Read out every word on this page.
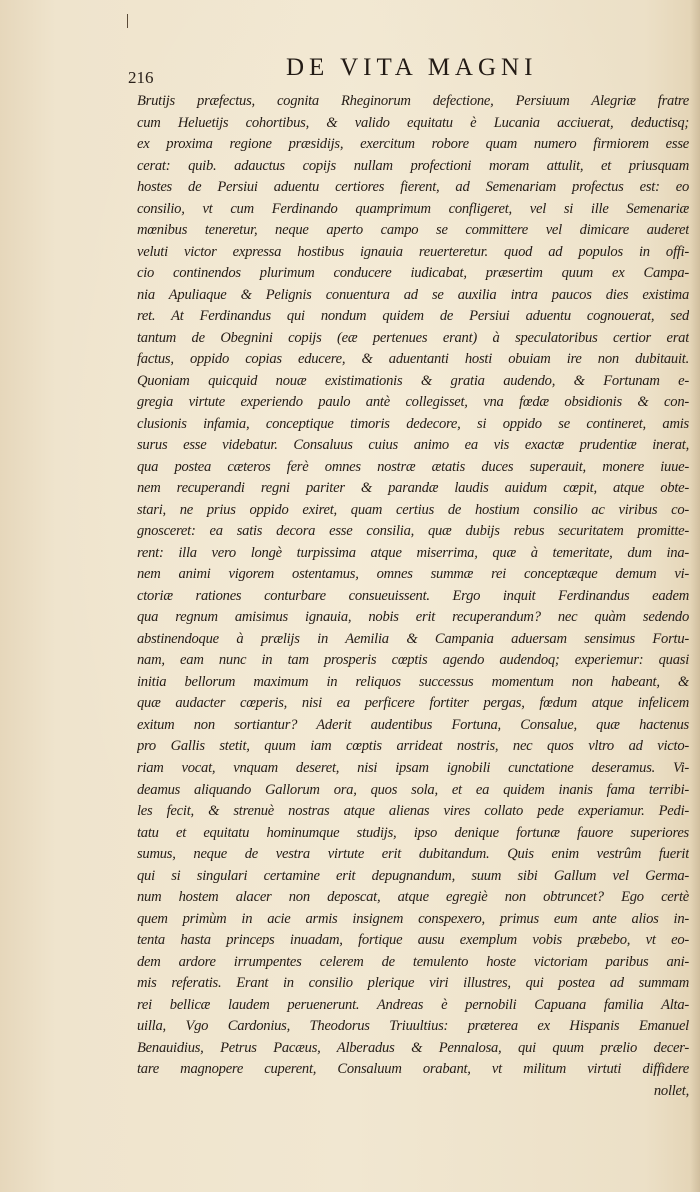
216	DE VITA MAGNI
Brutijs præfectus, cognita Rheginorum defectione, Persiuum Alegriæ fratre
cum Heluetijs cohortibus, & valido equitatu è Lucania acciuerat, deductisq;
ex proxima regione præsidijs, exercitum robore quam numero firmiorem esse
cerat: quib. adauctus copijs nullam profectioni moram attulit, et priusquam
hostes de Persiui aduentu certiores fierent, ad Semenariam profectus est: eo
consilio, vt cum Ferdinando quamprimum confligeret, vel si ille Semenariæ
mœnibus teneretur, neque aperto campo se committere vel dimicare auderet
veluti victor expressa hostibus ignauia reuerteretur. quod ad populos in offi-
cio continendos plurimum conducere iudicabat, præsertim quum ex Campa-
nia Apuliaque & Pelignis conuentura ad se auxilia intra paucos dies existima
ret. At Ferdinandus qui nondum quidem de Persiui aduentu cognouerat, sed
tantum de Obegnini copijs (eæ pertenues erant) à speculatoribus certior erat
factus, oppido copias educere, & aduentanti hosti obuiam ire non dubitauit.
Quoniam quicquid nouæ existimationis & gratia audendo, & Fortunam e-
gregia virtute experiendo paulo antè collegisset, vna fœdæ obsidionis & con-
clusionis infamia, conceptique timoris dedecore, si oppido se contineret, amis
surus esse videbatur. Consaluus cuius animo ea vis exactæ prudentiæ inerat,
qua postea cæteros ferè omnes nostræ ætatis duces superauit, monere iuue-
nem recuperandi regni pariter & parandæ laudis auidum cœpit, atque obte-
stari, ne prius oppido exiret, quam certius de hostium consilio ac viribus co-
gnosceret: ea satis decora esse consilia, quæ dubijs rebus securitatem promitte-
rent: illa vero longè turpissima atque miserrima, quæ à temeritate, dum ina-
nem animi vigorem ostentamus, omnes summæ rei conceptæque demum vi-
ctoriæ rationes conturbare consueuissent. Ergo inquit Ferdinandus eadem
qua regnum amisimus ignauia, nobis erit recuperandum? nec quàm sedendo
abstinendoque à prælijs in Aemilia & Campania aduersam sensimus Fortu-
nam, eam nunc in tam prosperis cœptis agendo audendoq; experiemur: quasi
initia bellorum maximum in reliquos successus momentum non habeant, &
quæ audacter cœperis, nisi ea perficere fortiter pergas, fœdum atque infelicem
exitum non sortiantur? Aderit audentibus Fortuna, Consalue, quæ hactenus
pro Gallis stetit, quum iam cœptis arrideat nostris, nec quos vltro ad victo-
riam vocat, vnquam deseret, nisi ipsam ignobili cunctatione deseramus. Vi-
deamus aliquando Gallorum ora, quos sola, et ea quidem inanis fama terribi-
les fecit, & strenuè nostras atque alienas vires collato pede experiamur. Pedi-
tatu et equitatu hominumque studijs, ipso denique fortunæ fauore superiores
sumus, neque de vestra virtute erit dubitandum. Quis enim vestrûm fuerit
qui si singulari certamine erit depugnandum, suum sibi Gallum vel Germa-
num hostem alacer non deposcat, atque egregiè non obtruncet? Ego certè
quem primùm in acie armis insignem conspexero, primus eum ante alios in-
tenta hasta princeps inuadam, fortique ausu exemplum vobis præbebo, vt eo-
dem ardore irrumpentes celerem de temulento hoste victoriam paribus ani-
mis referatis. Erant in consilio plerique viri illustres, qui postea ad summam
rei bellicæ laudem peruenerunt. Andreas è pernobili Capuana familia Alta-
uilla, Vgo Cardonius, Theodorus Triuultius: præterea ex Hispanis Emanuel
Benauidius, Petrus Pacæus, Alberadus & Pennalosa, qui quum prælio decer-
tare magnopere cuperent, Consaluum orabant, vt militum virtuti diffidere
nollet,
